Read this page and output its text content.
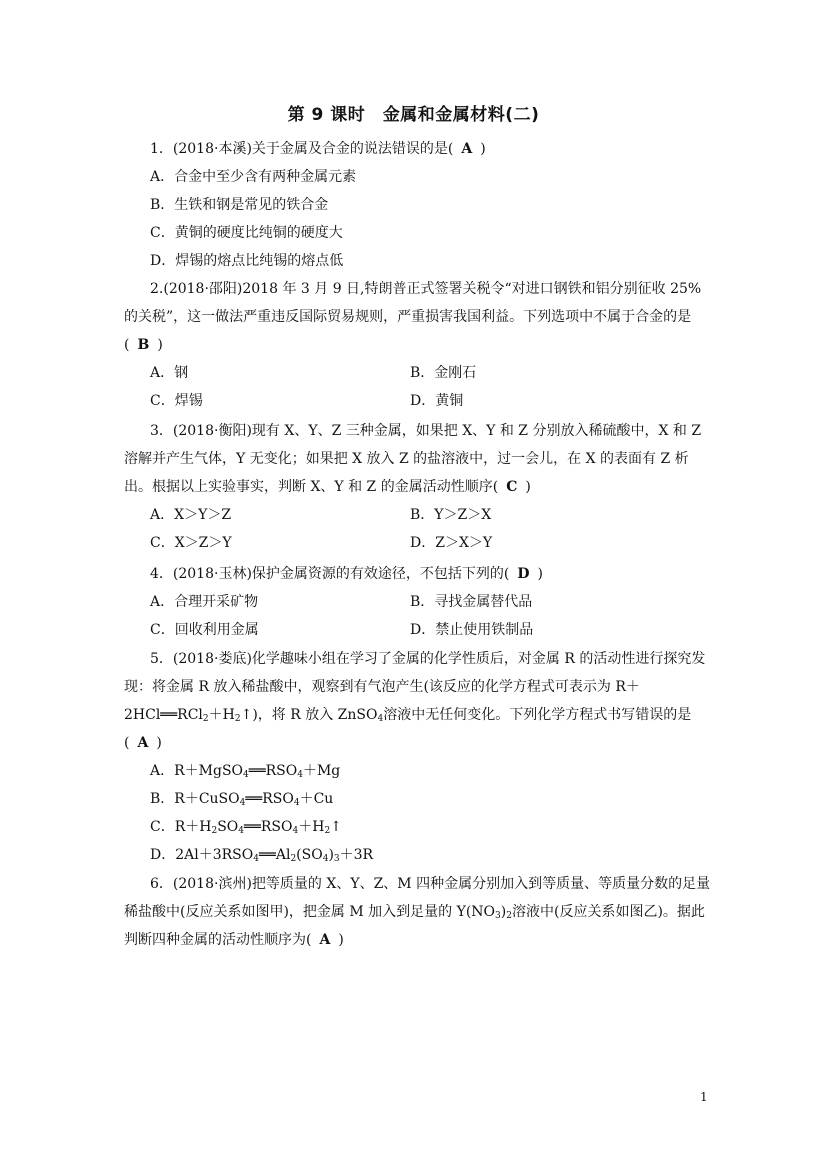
第 9 课时　金属和金属材料(二)

1．(2018·本溪)关于金属及合金的说法错误的是( A )

A．合金中至少含有两种金属元素

B．生铁和钢是常见的铁合金

C．黄铜的硬度比纯铜的硬度大

D．焊锡的熔点比纯锡的熔点低

2.(2018·邵阳)2018 年 3 月 9 日,特朗普正式签署关税令“对进口钢铁和铝分别征收 25%的关税”，这一做法严重违反国际贸易规则，严重损害我国利益。下列选项中不属于合金的是( B )

A．钢	B．金刚石
C．焊锡	D．黄铜

3．(2018·衡阳)现有 X、Y、Z 三种金属，如果把 X、Y 和 Z 分别放入稀硫酸中，X 和 Z 溶解并产生气体，Y 无变化；如果把 X 放入 Z 的盐溶液中，过一会儿，在 X 的表面有 Z 析出。根据以上实验事实，判断 X、Y 和 Z 的金属活动性顺序( C )

A．X＞Y＞Z	B．Y＞Z＞X
C．X＞Z＞Y	D．Z＞X＞Y

4．(2018·玉林)保护金属资源的有效途径，不包括下列的( D )

A．合理开采矿物	B．寻找金属替代品
C．回收利用金属	D．禁止使用铁制品

5．(2018·娄底)化学趣味小组在学习了金属的化学性质后，对金属 R 的活动性进行探究发现：将金属 R 放入稀盐酸中，观察到有气泡产生(该反应的化学方程式可表示为 $R+2HCl══RCl_2+H_2↑$)，将 R 放入 ZnSO$_4$溶液中无任何变化。下列化学方程式书写错误的是( A )

A．$R+MgSO_4══RSO_4+Mg$

B．$R+CuSO_4══RSO_4+Cu$

C．$R+H_2SO_4══RSO_4+H_2↑$

D．$2Al+3RSO_4══Al_2(SO_4)_3+3R$

6．(2018·滨州)把等质量的 X、Y、Z、M 四种金属分别加入到等质量、等质量分数的足量稀盐酸中(反应关系如图甲)，把金属 M 加入到足量的 $Y(NO_3)_2$溶液中(反应关系如图乙)。据此判断四种金属的活动性顺序为( A )

1
